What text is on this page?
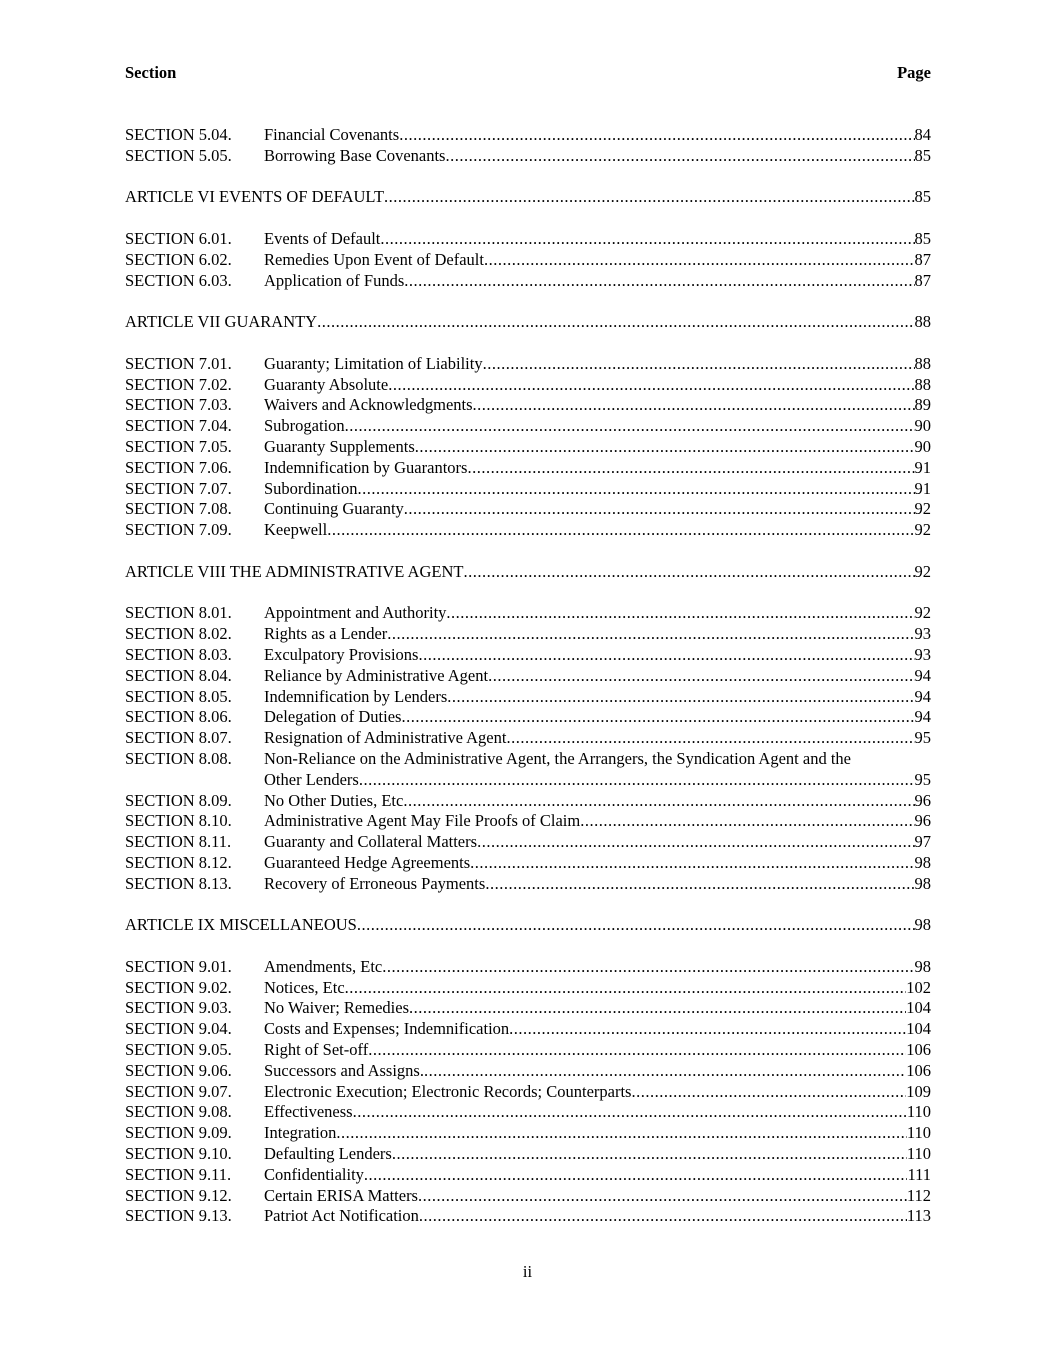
Section	Page
SECTION 5.04.	Financial Covenants .....	84
SECTION 5.05.	Borrowing Base Covenants .....	85
ARTICLE VI EVENTS OF DEFAULT .....	85
SECTION 6.01.	Events of Default .....	85
SECTION 6.02.	Remedies Upon Event of Default .....	87
SECTION 6.03.	Application of Funds .....	87
ARTICLE VII GUARANTY .....	88
SECTION 7.01.	Guaranty; Limitation of Liability .....	88
SECTION 7.02.	Guaranty Absolute .....	88
SECTION 7.03.	Waivers and Acknowledgments .....	89
SECTION 7.04.	Subrogation .....	90
SECTION 7.05.	Guaranty Supplements .....	90
SECTION 7.06.	Indemnification by Guarantors .....	91
SECTION 7.07.	Subordination .....	91
SECTION 7.08.	Continuing Guaranty .....	92
SECTION 7.09.	Keepwell .....	92
ARTICLE VIII THE ADMINISTRATIVE AGENT .....	92
SECTION 8.01.	Appointment and Authority .....	92
SECTION 8.02.	Rights as a Lender .....	93
SECTION 8.03.	Exculpatory Provisions .....	93
SECTION 8.04.	Reliance by Administrative Agent .....	94
SECTION 8.05.	Indemnification by Lenders .....	94
SECTION 8.06.	Delegation of Duties .....	94
SECTION 8.07.	Resignation of Administrative Agent .....	95
SECTION 8.08.	Non-Reliance on the Administrative Agent, the Arrangers, the Syndication Agent and the
Other Lenders .....	95
SECTION 8.09.	No Other Duties, Etc .....	96
SECTION 8.10.	Administrative Agent May File Proofs of Claim .....	96
SECTION 8.11.	Guaranty and Collateral Matters .....	97
SECTION 8.12.	Guaranteed Hedge Agreements .....	98
SECTION 8.13.	Recovery of Erroneous Payments .....	98
ARTICLE IX MISCELLANEOUS .....	98
SECTION 9.01.	Amendments, Etc .....	98
SECTION 9.02.	Notices, Etc .....	102
SECTION 9.03.	No Waiver; Remedies .....	104
SECTION 9.04.	Costs and Expenses; Indemnification .....	104
SECTION 9.05.	Right of Set-off .....	106
SECTION 9.06.	Successors and Assigns. .....	106
SECTION 9.07.	Electronic Execution; Electronic Records; Counterparts .....	109
SECTION 9.08.	Effectiveness .....	110
SECTION 9.09.	Integration .....	110
SECTION 9.10.	Defaulting Lenders .....	110
SECTION 9.11.	Confidentiality .....	111
SECTION 9.12.	Certain ERISA Matters .....	112
SECTION 9.13.	Patriot Act Notification .....	113
ii
